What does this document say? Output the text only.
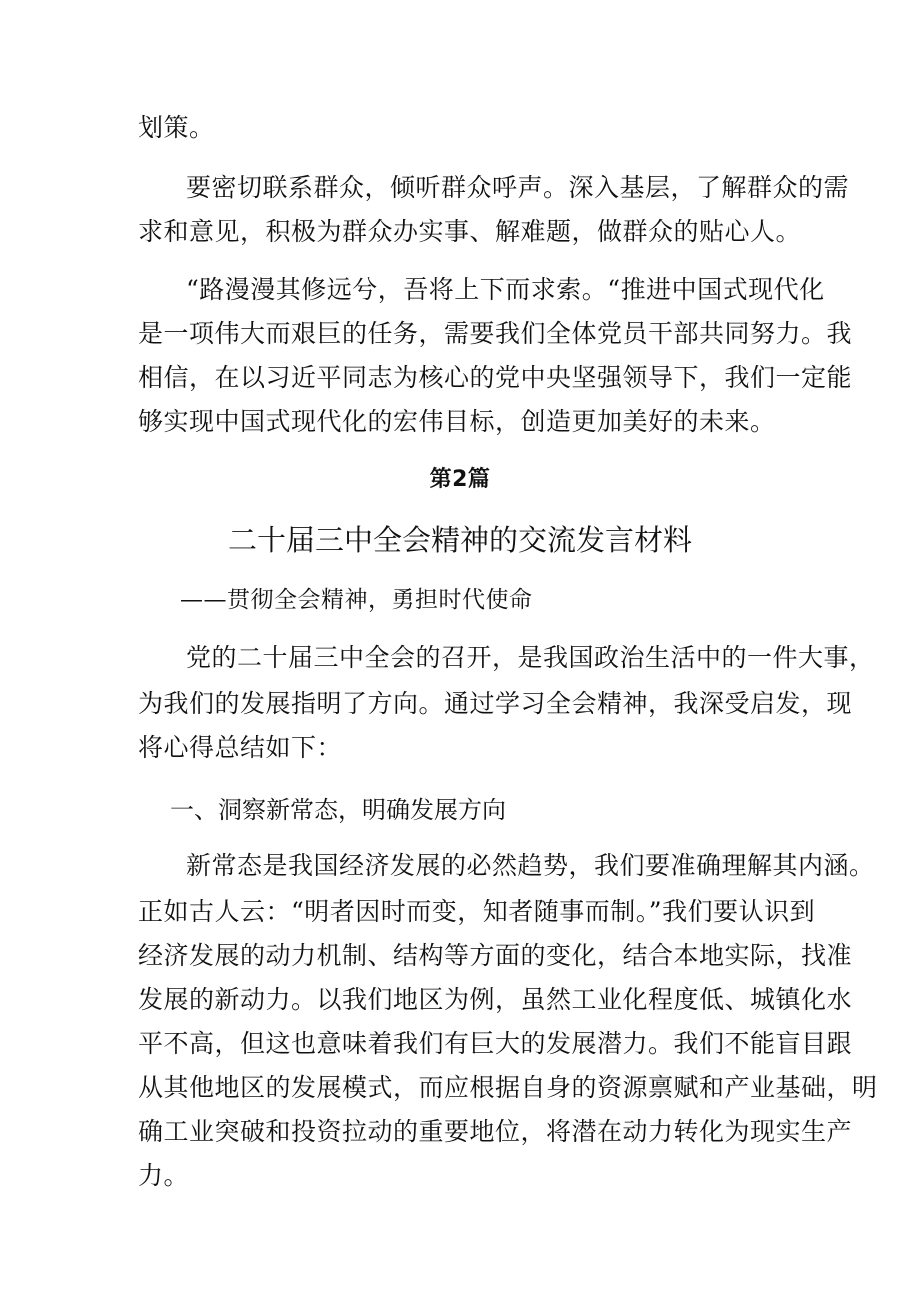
划策。
要密切联系群众，倾听群众呼声。深入基层，了解群众的需
求和意见，积极为群众办实事、解难题，做群众的贴心人。
“路漫漫其修远兮，吾将上下而求索。“推进中国式现代化
是一项伟大而艰巨的任务，需要我们全体党员干部共同努力。我
相信，在以习近平同志为核心的党中央坚强领导下，我们一定能
够实现中国式现代化的宏伟目标，创造更加美好的未来。
第2篇
二十届三中全会精神的交流发言材料
——贯彻全会精神，勇担时代使命
党的二十届三中全会的召开，是我国政治生活中的一件大事，
为我们的发展指明了方向。通过学习全会精神，我深受启发，现
将心得总结如下：
一、洞察新常态，明确发展方向
新常态是我国经济发展的必然趋势，我们要准确理解其内涵。
正如古人云：“明者因时而变，知者随事而制。”我们要认识到
经济发展的动力机制、结构等方面的变化，结合本地实际，找准
发展的新动力。以我们地区为例，虽然工业化程度低、城镇化水
平不高，但这也意味着我们有巨大的发展潜力。我们不能盲目跟
从其他地区的发展模式，而应根据自身的资源禀赋和产业基础，明
确工业突破和投资拉动的重要地位，将潜在动力转化为现实生产
力。
